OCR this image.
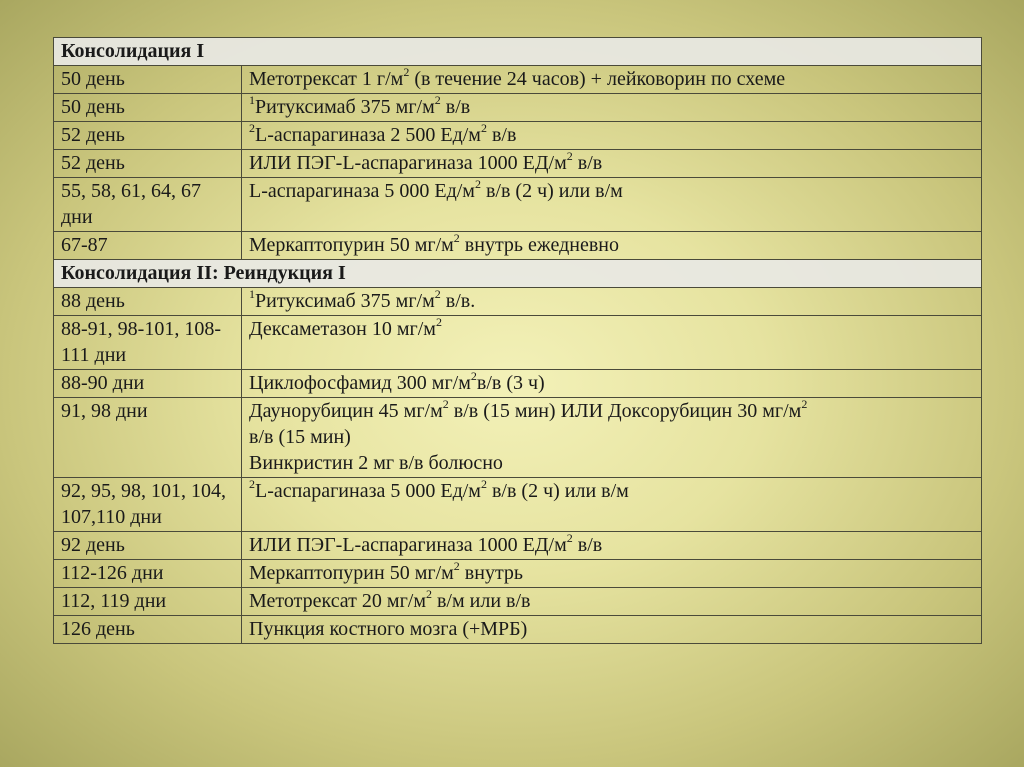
Консолидация I	
50 день	Метотрексат 1 $г/м^2$ (в течение 24 часов) + лейковорин по схеме

50 день	$^1$Ритуксимаб 375 $мг/м^2$ в/в

52 день	$^2$L-аспарагиназа 2 500 $Ед/м^2$ в/в

52 день	ИЛИ ПЭГ-L-аспарагиназа 1000 $ЕД/м^2$ в/в

55, 58, 61, 64, 67 дни	L-аспарагиназа 5 000 $Ед/м^2$ в/в (2 ч) или в/м

67-87	Меркаптопурин 50 $мг/м^2$ внутрь ежедневно

Консолидация II: Реиндукция I	
88 день	$^1$Ритуксимаб 375 $мг/м^2$ в/в.

88-91, 98-101, 108-111 дни	Дексаметазон 10 $мг/м^2$

88-90 дни	Циклофосфамид 300 $мг/м^2в/в$ (3 ч)

91, 98 дни	Даунорубицин 45 $мг/м^2$ в/в (15 мин) ИЛИ Доксорубицин 30 $мг/м^2$
в/в (15 мин)
Винкристин 2 мг в/в болюсно

92, 95, 98, 101, 104, 107,110 дни	$^2$L-аспарагиназа 5 000 $Ед/м^2$ в/в (2 ч) или в/м

92 день	ИЛИ ПЭГ-L-аспарагиназа 1000 $ЕД/м^2$ в/в

112-126 дни	Меркаптопурин 50 $мг/м^2$ внутрь

112, 119 дни	Метотрексат 20 $мг/м^2$ в/м или в/в

126 день	Пункция костного мозга (+МРБ)
